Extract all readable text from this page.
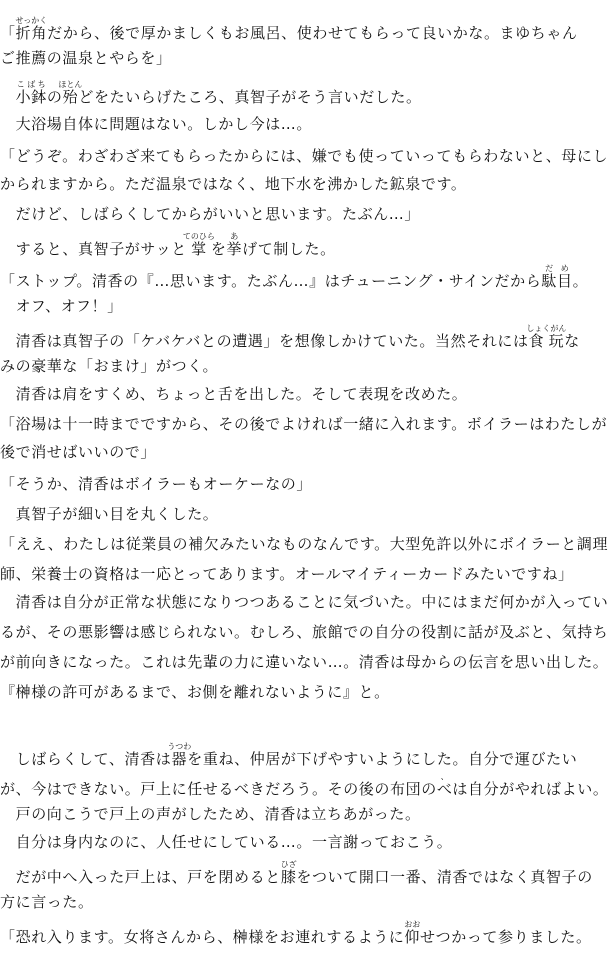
「折角せっかくだから、後で厚かましくもお風呂、使わせてもらって良いかな。まゆちゃん
ご推薦の温泉とやらを」
　小鉢こばちの殆ほとんどをたいらげたころ、真智子がそう言いだした。
　大浴場自体に問題はない。しかし今は…。
「どうぞ。わざわざ来てもらったからには、嫌でも使っていってもらわないと、母にし
かられますから。ただ温泉ではなく、地下水を沸かした鉱泉です。
　だけど、しばらくしてからがいいと思います。たぶん…」
　すると、真智子がサッと掌てのひらを挙あげて制した。
「ストップ。清香の『…思います。たぶん…』はチューニング・サインだから駄目だめ。
　オフ、オフ！」
　清香は真智子の「ケバケバとの遭遇」を想像しかけていた。当然それには食玩しょくがんな
みの豪華な「おまけ」がつく。
　清香は肩をすくめ、ちょっと舌を出した。そして表現を改めた。
「浴場は十一時までですから、その後でよければ一緒に入れます。ボイラーはわたしが
後で消せばいいので」
「そうか、清香はボイラーもオーケーなの」
　真智子が細い目を丸くした。
「ええ、わたしは従業員の補欠みたいなものなんです。大型免許以外にボイラーと調理
師、栄養士の資格は一応とってあります。オールマイティーカードみたいですね」
　清香は自分が正常な状態になりつつあることに気づいた。中にはまだ何かが入ってい
るが、その悪影響は感じられない。むしろ、旅館での自分の役割に話が及ぶと、気持ち
が前向きになった。これは先輩の力に違いない…。清香は母からの伝言を思い出した。
『榊様の許可があるまで、お側を離れないように』と。
　しばらくして、清香は器うつわを重ね、仲居が下げやすいようにした。自分で運びたい
が、今はできない。戸上に任せるべきだろう。その後の布団のべ、は自分がやればよい。
　戸の向こうで戸上の声がしたため、清香は立ちあがった。
　自分は身内なのに、人任せにしている…。一言謝っておこう。
　だが中へ入った戸上は、戸を閉めると膝ひざをついて開口一番、清香ではなく真智子の
方に言った。
「恐れ入ります。女将さんから、榊様をお連れするように仰おおせつかって参りました。
